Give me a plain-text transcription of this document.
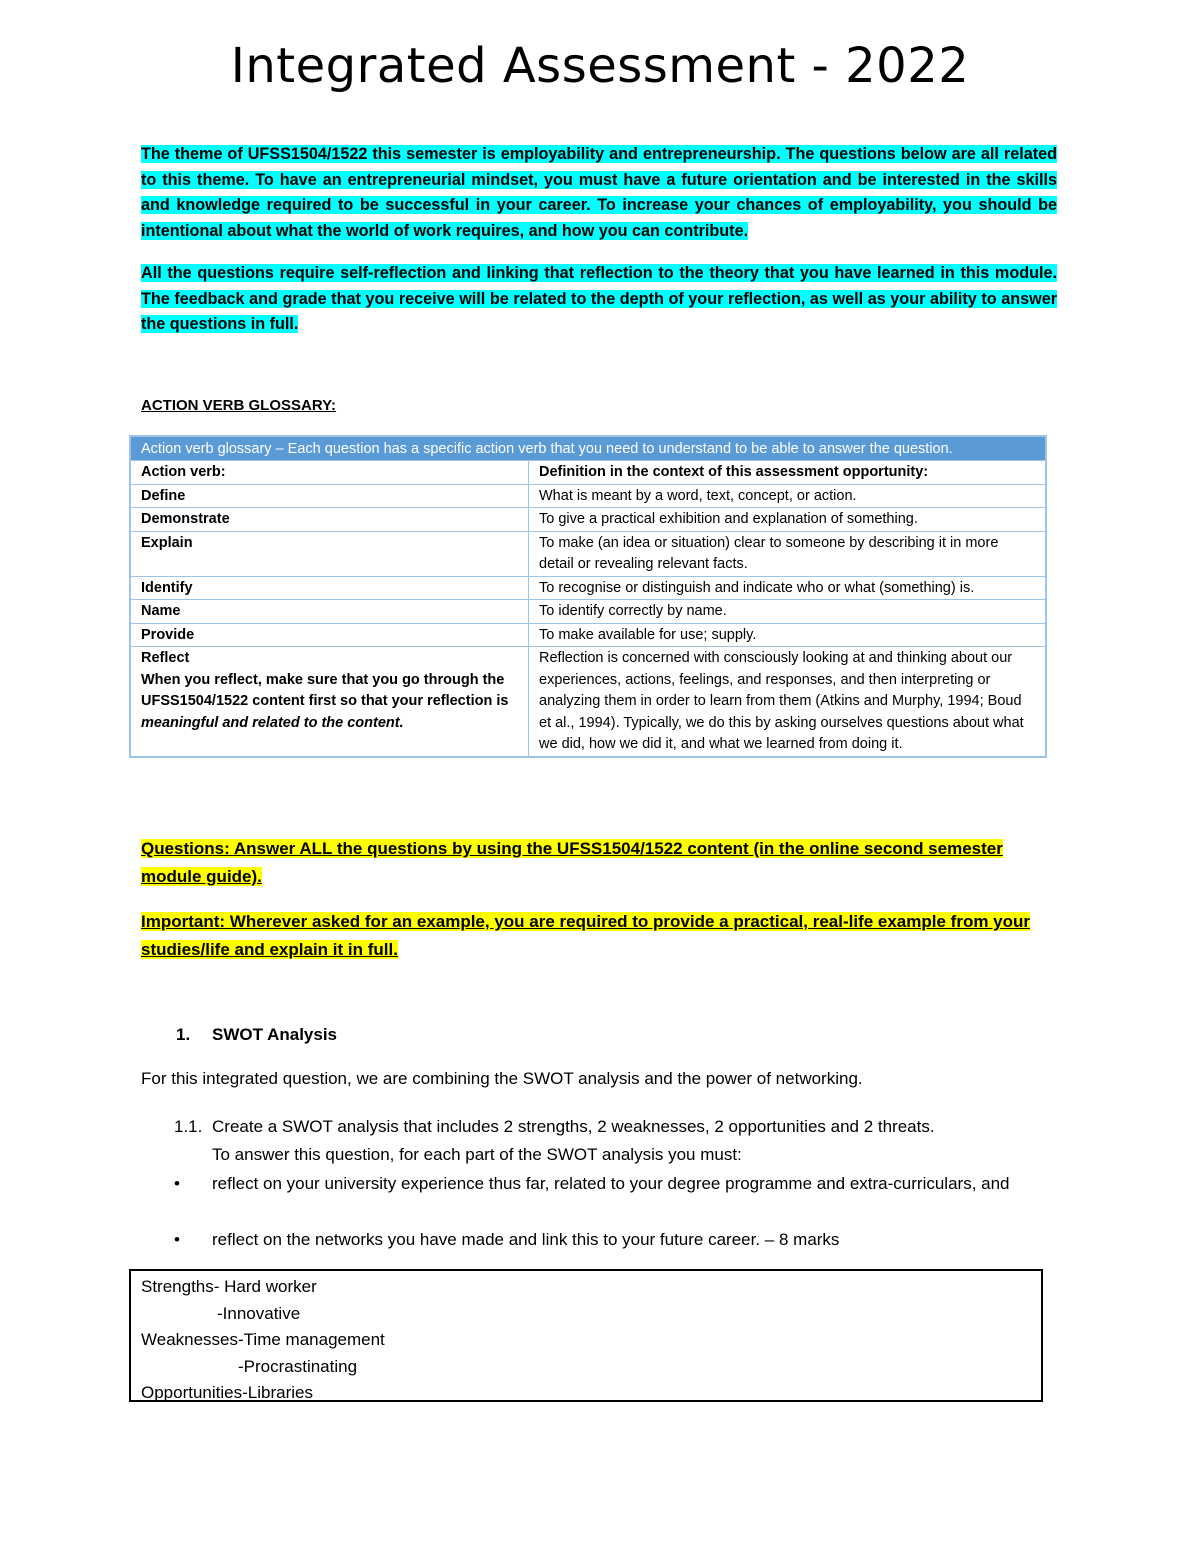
Integrated Assessment - 2022
The theme of UFSS1504/1522 this semester is employability and entrepreneurship. The questions below are all related to this theme. To have an entrepreneurial mindset, you must have a future orientation and be interested in the skills and knowledge required to be successful in your career. To increase your chances of employability, you should be intentional about what the world of work requires, and how you can contribute.
All the questions require self-reflection and linking that reflection to the theory that you have learned in this module. The feedback and grade that you receive will be related to the depth of your reflection, as well as your ability to answer the questions in full.
ACTION VERB GLOSSARY:
Action verb glossary – Each question has a specific action verb that you need to understand to be able to answer the question.	
Action verb:	Definition in the context of this assessment opportunity:
Define	What is meant by a word, text, concept, or action.
Demonstrate	To give a practical exhibition and explanation of something.
Explain	To make (an idea or situation) clear to someone by describing it in more detail or revealing relevant facts.
Identify	To recognise or distinguish and indicate who or what (something) is.
Name	To identify correctly by name.
Provide	To make available for use; supply.

Reflect
When you reflect, make sure that you go through the UFSS1504/1522 content first so that your reflection is meaningful and related to the content.	Reflection is concerned with consciously looking at and thinking about our experiences, actions, feelings, and responses, and then interpreting or analyzing them in order to learn from them (Atkins and Murphy, 1994; Boud et al., 1994). Typically, we do this by asking ourselves questions about what we did, how we did it, and what we learned from doing it.
Questions: Answer ALL the questions by using the UFSS1504/1522 content (in the online second semester module guide).
Important: Wherever asked for an example, you are required to provide a practical, real-life example from your studies/life and explain it in full.
1. SWOT Analysis
For this integrated question, we are combining the SWOT analysis and the power of networking.
1.1. Create a SWOT analysis that includes 2 strengths, 2 weaknesses, 2 opportunities and 2 threats.
To answer this question, for each part of the SWOT analysis you must:
•	reflect on your university experience thus far, related to your degree programme and extra-curriculars, and
•	reflect on the networks you have made and link this to your future career. – 8 marks
Strengths- Hard worker
-Innovative
Weaknesses-Time management
-Procrastinating
Opportunities-Libraries
